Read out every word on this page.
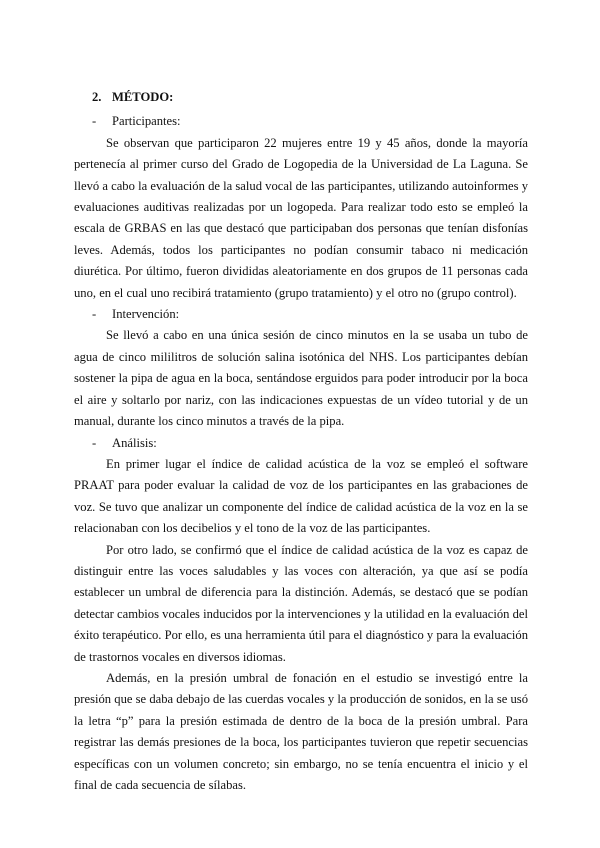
2. MÉTODO:
- Participantes:

Se observan que participaron 22 mujeres entre 19 y 45 años, donde la mayoría pertenecía al primer curso del Grado de Logopedia de la Universidad de La Laguna. Se llevó a cabo la evaluación de la salud vocal de las participantes, utilizando autoinformes y evaluaciones auditivas realizadas por un logopeda. Para realizar todo esto se empleó la escala de GRBAS en las que destacó que participaban dos personas que tenían disfonías leves. Además, todos los participantes no podían consumir tabaco ni medicación diurética. Por último, fueron divididas aleatoriamente en dos grupos de 11 personas cada uno, en el cual uno recibirá tratamiento (grupo tratamiento) y el otro no (grupo control).

- Intervención:

Se llevó a cabo en una única sesión de cinco minutos en la se usaba un tubo de agua de cinco mililitros de solución salina isotónica del NHS. Los participantes debían sostener la pipa de agua en la boca, sentándose erguidos para poder introducir por la boca el aire y soltarlo por nariz, con las indicaciones expuestas de un vídeo tutorial y de un manual, durante los cinco minutos a través de la pipa.

- Análisis:

En primer lugar el índice de calidad acústica de la voz se empleó el software PRAAT para poder evaluar la calidad de voz de los participantes en las grabaciones de voz. Se tuvo que analizar un componente del índice de calidad acústica de la voz en la se relacionaban con los decibelios y el tono de la voz de las participantes.

Por otro lado, se confirmó que el índice de calidad acústica de la voz es capaz de distinguir entre las voces saludables y las voces con alteración, ya que así se podía establecer un umbral de diferencia para la distinción. Además, se destacó que se podían detectar cambios vocales inducidos por la intervenciones y la utilidad en la evaluación del éxito terapéutico. Por ello, es una herramienta útil para el diagnóstico y para la evaluación de trastornos vocales en diversos idiomas.

Además, en la presión umbral de fonación en el estudio se investigó entre la presión que se daba debajo de las cuerdas vocales y la producción de sonidos, en la se usó la letra “p” para la presión estimada de dentro de la boca de la presión umbral. Para registrar las demás presiones de la boca, los participantes tuvieron que repetir secuencias específicas con un volumen concreto; sin embargo, no se tenía encuentra el inicio y el final de cada secuencia de sílabas.
